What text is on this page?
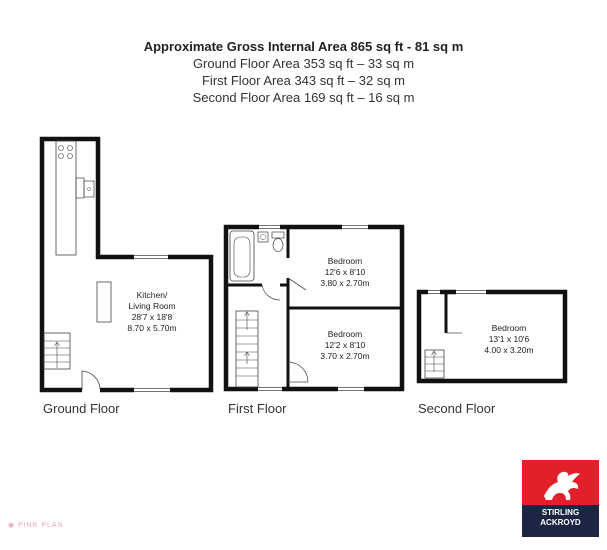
Approximate Gross Internal Area 865 sq ft - 81 sq m
Ground Floor Area 353 sq ft – 33 sq m
First Floor Area 343 sq ft – 32 sq m
Second Floor Area 169 sq ft – 16 sq m
Kitchen/
Living Room
28'7 x 18'8
8.70 x 5.70m
Bedroom
12'6 x 8'10
3.80 x 2.70m
Bedroom
12'2 x 8'10
3.70 x 2.70m
Bedroom
13'1 x 10'6
4.00 x 3.20m
Ground Floor	First Floor	Second Floor
◉ PINK PLAN
STIRLING
ACKROYD
